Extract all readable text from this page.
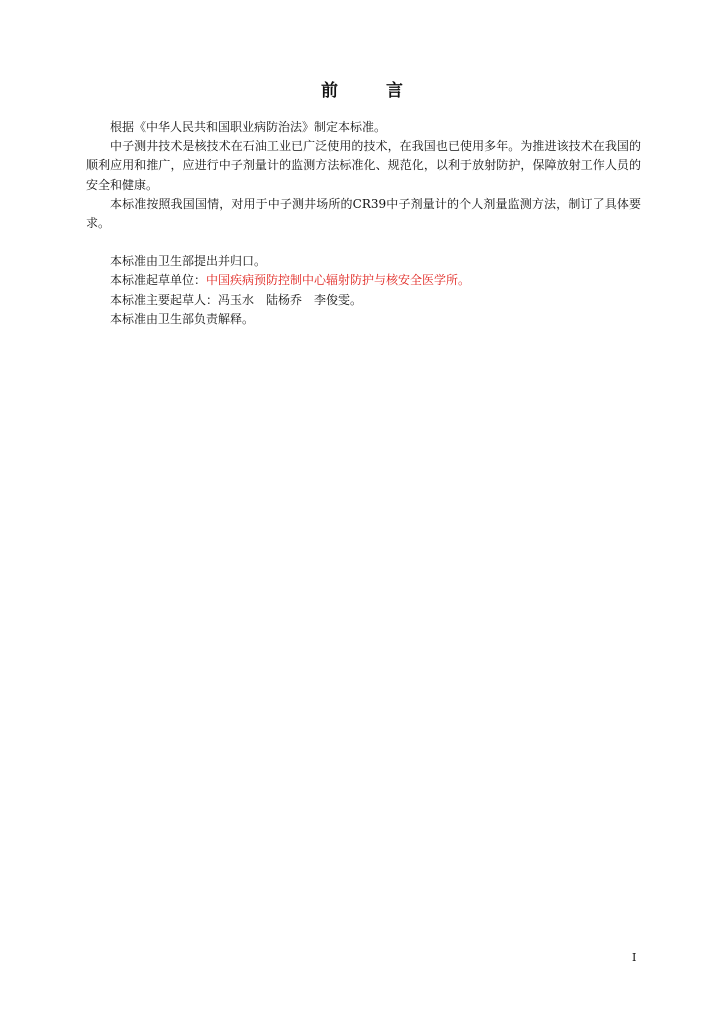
前	言

根据《中华人民共和国职业病防治法》制定本标准。

中子测井技术是核技术在石油工业已广泛使用的技术，在我国也已使用多年。为推进该技术在我国的顺利应用和推广，应进行中子剂量计的监测方法标准化、规范化，以利于放射防护，保障放射工作人员的安全和健康。

本标准按照我国国情，对用于中子测井场所的CR39中子剂量计的个人剂量监测方法，制订了具体要求。

本标准由卫生部提出并归口。

本标准起草单位：中国疾病预防控制中心辐射防护与核安全医学所。

本标准主要起草人：冯玉水　陆杨乔　李俊雯。

本标准由卫生部负责解释。

I
